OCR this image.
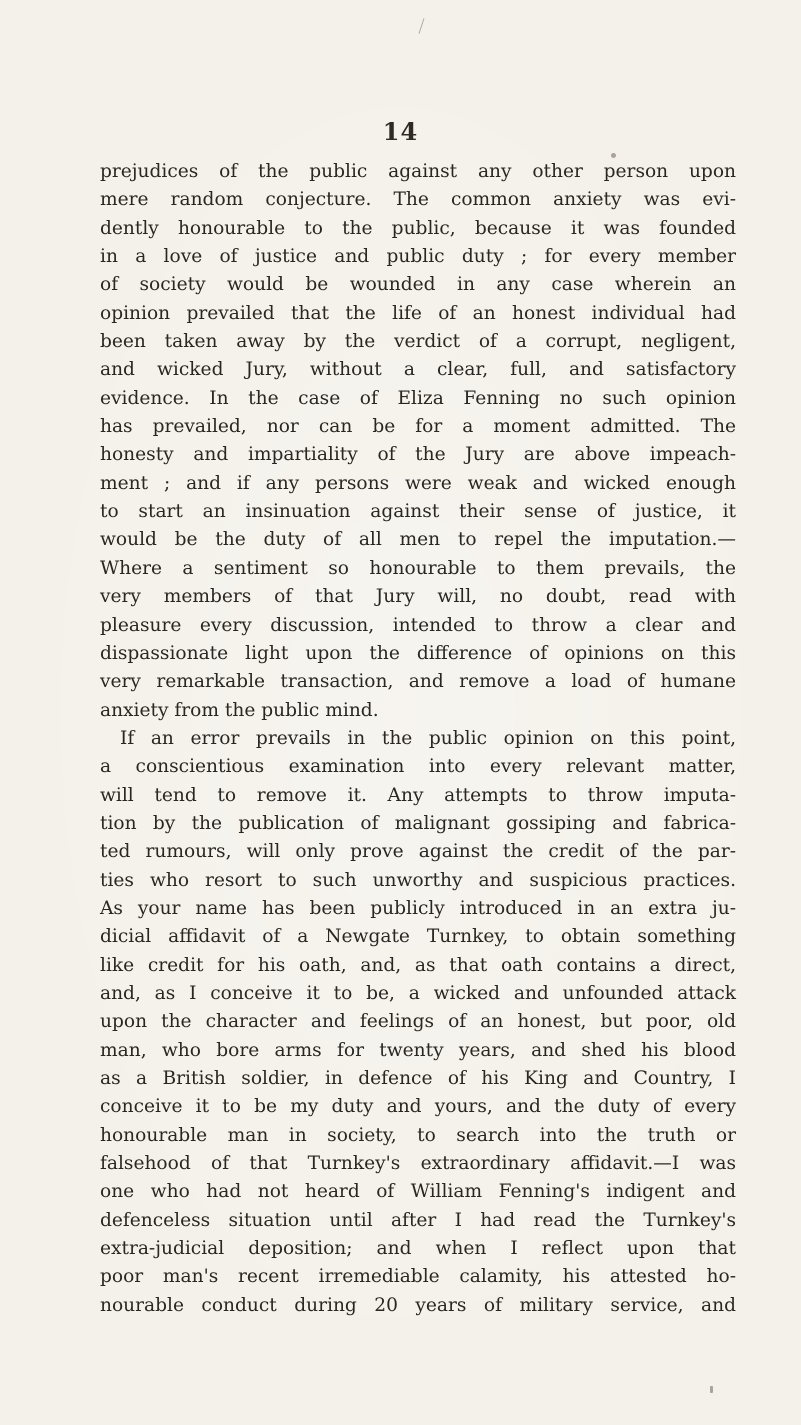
14
prejudices of the public against any other person upon
mere random conjecture. The common anxiety was evi-
dently honourable to the public, because it was founded
in a love of justice and public duty ; for every member
of society would be wounded in any case wherein an
opinion prevailed that the life of an honest individual had
been taken away by the verdict of a corrupt, negligent,
and wicked Jury, without a clear, full, and satisfactory
evidence. In the case of Eliza Fenning no such opinion
has prevailed, nor can be for a moment admitted. The
honesty and impartiality of the Jury are above impeach-
ment ; and if any persons were weak and wicked enough
to start an insinuation against their sense of justice, it
would be the duty of all men to repel the imputation.—
Where a sentiment so honourable to them prevails, the
very members of that Jury will, no doubt, read with
pleasure every discussion, intended to throw a clear and
dispassionate light upon the difference of opinions on this
very remarkable transaction, and remove a load of humane
anxiety from the public mind.
If an error prevails in the public opinion on this point,
a conscientious examination into every relevant matter,
will tend to remove it. Any attempts to throw imputa-
tion by the publication of malignant gossiping and fabrica-
ted rumours, will only prove against the credit of the par-
ties who resort to such unworthy and suspicious practices.
As your name has been publicly introduced in an extra ju-
dicial affidavit of a Newgate Turnkey, to obtain something
like credit for his oath, and, as that oath contains a direct,
and, as I conceive it to be, a wicked and unfounded attack
upon the character and feelings of an honest, but poor, old
man, who bore arms for twenty years, and shed his blood
as a British soldier, in defence of his King and Country, I
conceive it to be my duty and yours, and the duty of every
honourable man in society, to search into the truth or
falsehood of that Turnkey's extraordinary affidavit.—I was
one who had not heard of William Fenning's indigent and
defenceless situation until after I had read the Turnkey's
extra-judicial deposition; and when I reflect upon that
poor man's recent irremediable calamity, his attested ho-
nourable conduct during 20 years of military service, and
